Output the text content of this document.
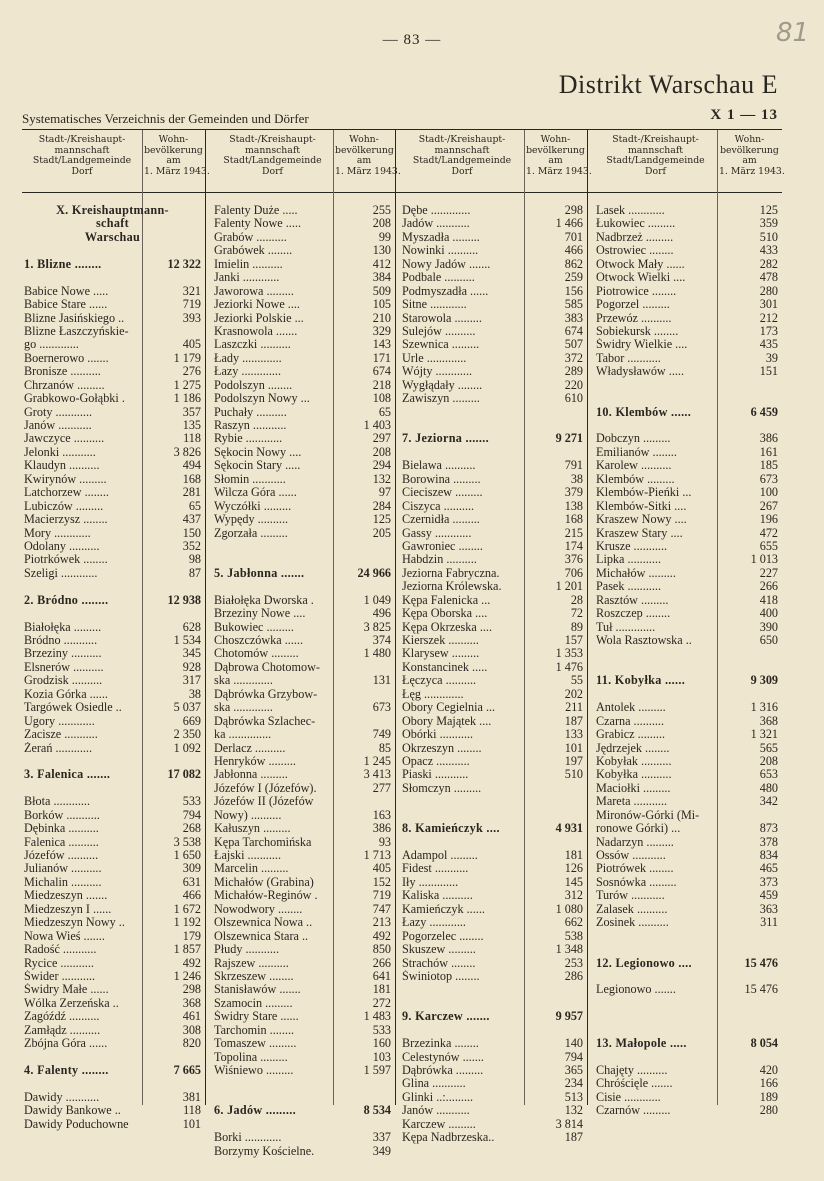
— 83 —	81
Distrikt Warschau E
Systematisches Verzeichnis der Gemeinden und Dörfer	X 1 — 13
Stadt-/Kreishaupt-
mannschaft
Stadt/Landgemeinde
Dorf
Wohn-
bevölkerung
am
1. März 1943.
Stadt-/Kreishaupt-
mannschaft
Stadt/Landgemeinde
Dorf
Wohn-
bevölkerung
am
1. März 1943.
Stadt-/Kreishaupt-
mannschaft
Stadt/Landgemeinde
Dorf
Wohn-
bevölkerung
am
1. März 1943.
Stadt-/Kreishaupt-
mannschaft
Stadt/Landgemeinde
Dorf
Wohn-
bevölkerung
am
1. März 1943.
X. Kreishauptmann-
schaft
Warschau
1. Blizne ........	12 322
Babice Nowe .....	321
Babice Stare ......	719
Blizne Jasińskiego ..	393
Blizne Łaszczyńskie-
go .............	405
Boernerowo .......	1 179
Bronisze ..........	276
Chrzanów .........	1 275
Grabkowo-Gołąbki .	1 186
Groty ............	357
Janów ...........	135
Jawczyce ..........	118
Jelonki ...........	3 826
Klaudyn ..........	494
Kwirynów .........	168
Latchorzew ........	281
Lubiczów .........	65
Macierzysz ........	437
Mory ............	150
Odolany ..........	352
Piotrkówek ........	98
Szeligi ............	87
2. Bródno ........	12 938
Białołęka .........	628
Bródno ...........	1 534
Brzeziny ..........	345
Elsnerów ..........	928
Grodzisk ..........	317
Kozia Górka ......	38
Targówek Osiedle ..	5 037
Ugory ............	669
Zacisze ...........	2 350
Żerań ............	1 092
3. Falenica .......	17 082
Błota ............	533
Borków ...........	794
Dębinka ..........	268
Falenica ..........	3 538
Józefów ..........	1 650
Julianów ..........	309
Michalin ..........	631
Miedzeszyn .......	466
Miedzeszyn I ......	1 672
Miedzeszyn Nowy ..	1 192
Nowa Wieś .......	179
Radość ...........	1 857
Rycice ...........	492
Świder ...........	1 246
Świdry Małe ......	298
Wólka Zerzeńska ..	368
Zagóźdź ..........	461
Zamłądz ..........	308
Zbójna Góra ......	820
4. Falenty ........	7 665
Dawidy ...........	381
Dawidy Bankowe ..	118
Dawidy Poduchowne	101
Falenty Duże .....	255
Falenty Nowe .....	208
Grabów ..........	99
Grabówek ........	130
Imielin ..........	412
Janki ............	384
Jaworowa .........	509
Jeziorki Nowe ....	105
Jeziorki Polskie ...	210
Krasnowola .......	329
Laszczki ..........	143
Łady .............	171
Łazy .............	674
Podolszyn ........	218
Podolszyn Nowy ...	108
Puchały ..........	65
Raszyn ...........	1 403
Rybie ............	297
Sękocin Nowy ....	208
Sękocin Stary .....	294
Słomin ...........	132
Wilcza Góra ......	97
Wyczółki .........	284
Wypędy ..........	125
Zgorzała .........	205
5. Jabłonna .......	24 966
Białołęka Dworska .	1 049
Brzeziny Nowe ....	496
Bukowiec .........	3 825
Choszczówka ......	374
Chotomów .........	1 480
Dąbrowa Chotomow-
ska .............	131
Dąbrówka Grzybow-
ska .............	673
Dąbrówka Szlachec-
ka ..............	749
Derlacz ..........	85
Henryków .........	1 245
Jabłonna .........	3 413
Józefów I (Józefów).	277
Józefów II (Józefów
Nowy) ..........	163
Kałuszyn .........	386
Kępa Tarchomińska	93
Łajski ...........	1 713
Marcelin .........	405
Michałów (Grabina)	152
Michałów-Reginów .	719
Nowodwory ........	747
Olszewnica Nowa ..	213
Olszewnica Stara ..	492
Płudy ...........	850
Rajszew ..........	266
Skrzeszew ........	641
Stanisławów .......	181
Szamocin .........	272
Świdry Stare ......	1 483
Tarchomin ........	533
Tomaszew .........	160
Topolina .........	103
Wiśniewo .........	1 597
6. Jadów .........	8 534
Borki ............	337
Borzymy Kościelne.	349
Dębe .............	298
Jadów ...........	1 466
Myszadła .........	701
Nowinki ..........	466
Nowy Jadów .......	862
Podbale ..........	259
Podmyszadła ......	156
Sitne ............	585
Starowola .........	383
Sulejów ..........	674
Szewnica .........	507
Urle .............	372
Wójty ............	289
Wygłądały ........	220
Zawiszyn .........	610
7. Jeziorna .......	9 271
Bielawa ..........	791
Borowina .........	38
Cieciszew .........	379
Ciszyca ..........	138
Czernidła .........	168
Gassy ............	215
Gawroniec ........	174
Habdzin ..........	376
Jeziorna Fabryczna.	706
Jeziorna Królewska.	1 201
Kępa Falenicka ...	28
Kępa Oborska ....	72
Kępa Okrzeska ....	89
Kierszek ..........	157
Klarysew .........	1 353
Konstancinek .....	1 476
Łęczyca ..........	55
Łęg .............	202
Obory Cegielnia ...	211
Obory Majątek ....	187
Obórki ...........	133
Okrzeszyn ........	101
Opacz ...........	197
Piaski ...........	510
Słomczyn .........
8. Kamieńczyk ....	4 931
Adampol .........	181
Fidest ...........	126
Iły .............	145
Kaliska ..........	312
Kamieńczyk ......	1 080
Łazy ............	662
Pogorzelec ........	538
Skuszew .........	1 348
Strachów ........	253
Świniotop ........	286
9. Karczew .......	9 957
Brzezinka ........	140
Celestynów .......	794
Dąbrówka .........	365
Glina ...........	234
Glinki ..:.........	513
Janów ...........	132
Karczew .........	3 814
Kępa Nadbrzeska..	187
Lasek ............	125
Łukowiec .........	359
Nadbrzeż .........	510
Ostrowiec ........	433
Otwock Mały ......	282
Otwock Wielki ....	478
Piotrowice ........	280
Pogorzel .........	301
Przewóz ..........	212
Sobiekursk ........	173
Świdry Wielkie ....	435
Tabor ...........	39
Władysławów .....	151
10. Klembów ......	6 459
Dobczyn .........	386
Emilianów ........	161
Karolew ..........	185
Klembów .........	673
Klembów-Pieńki ...	100
Klembów-Sitki ....	267
Kraszew Nowy ....	196
Kraszew Stary ....	472
Krusze ...........	655
Lipka ...........	1 013
Michałów .........	227
Pasek ...........	266
Rasztów .........	418
Roszczep ........	400
Tuł .............	390
Wola Rasztowska ..	650
11. Kobyłka ......	9 309
Antolek .........	1 316
Czarna ..........	368
Grabicz .........	1 321
Jędrzejek ........	565
Kobyłak ..........	208
Kobyłka ..........	653
Maciołki .........	480
Mareta ...........	342
Mironów-Górki (Mi-
ronowe Górki) ...	873
Nadarzyn .........	378
Ossów ...........	834
Piotrówek ........	465
Sosnówka .........	373
Turów ...........	459
Zalasek ..........	363
Zosinek ..........	311
12. Legionowo ....	15 476
Legionowo .......	15 476
13. Małopole .....	8 054
Chajęty ..........	420
Chróścięle .......	166
Cisie ............	189
Czarnów .........	280
